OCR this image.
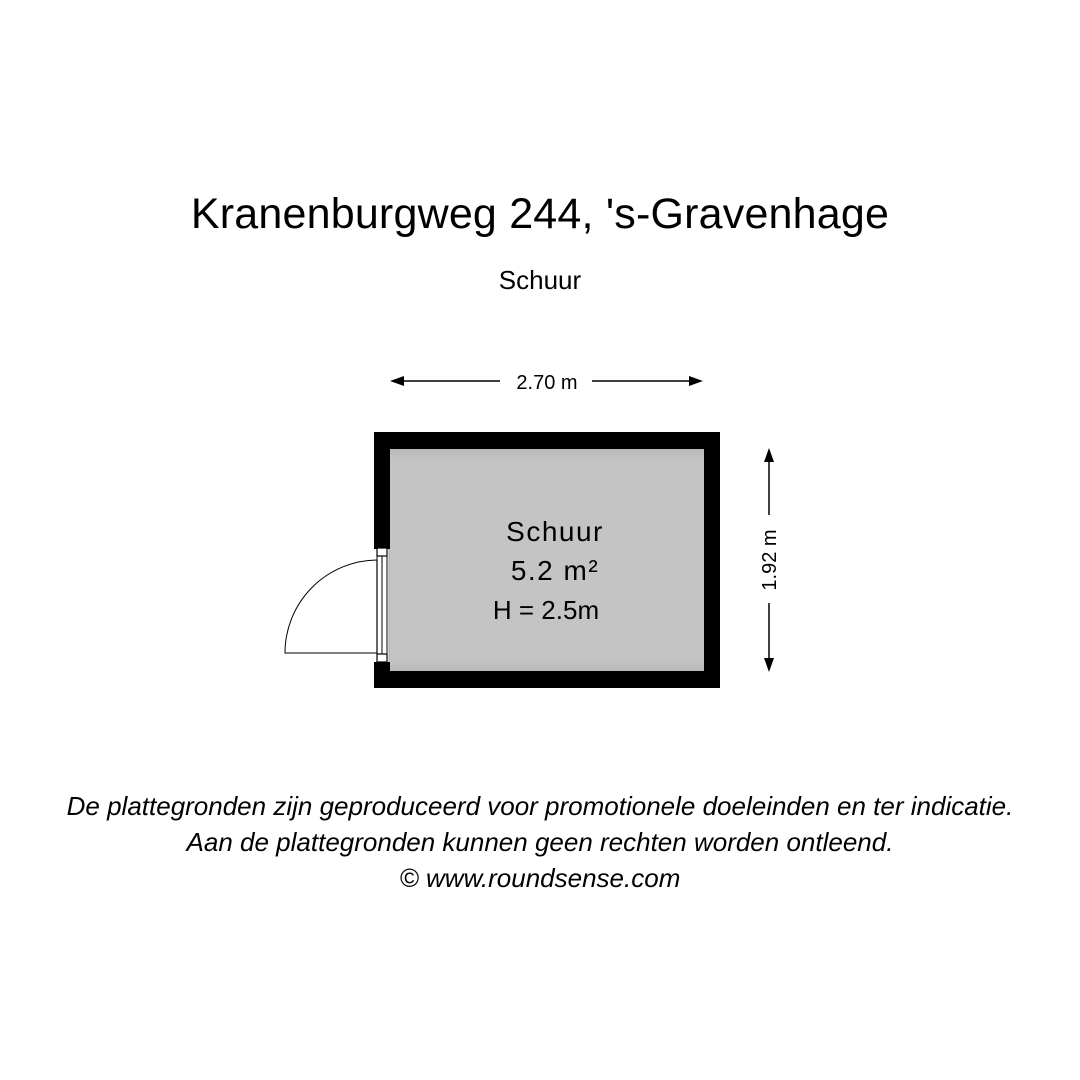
Kranenburgweg 244, 's-Gravenhage
Schuur
2.70 m
1.92 m
Schuur
5.2 m²
H = 2.5m
De plattegronden zijn geproduceerd voor promotionele doeleinden en ter indicatie.
Aan de plattegronden kunnen geen rechten worden ontleend.
© www.roundsense.com
